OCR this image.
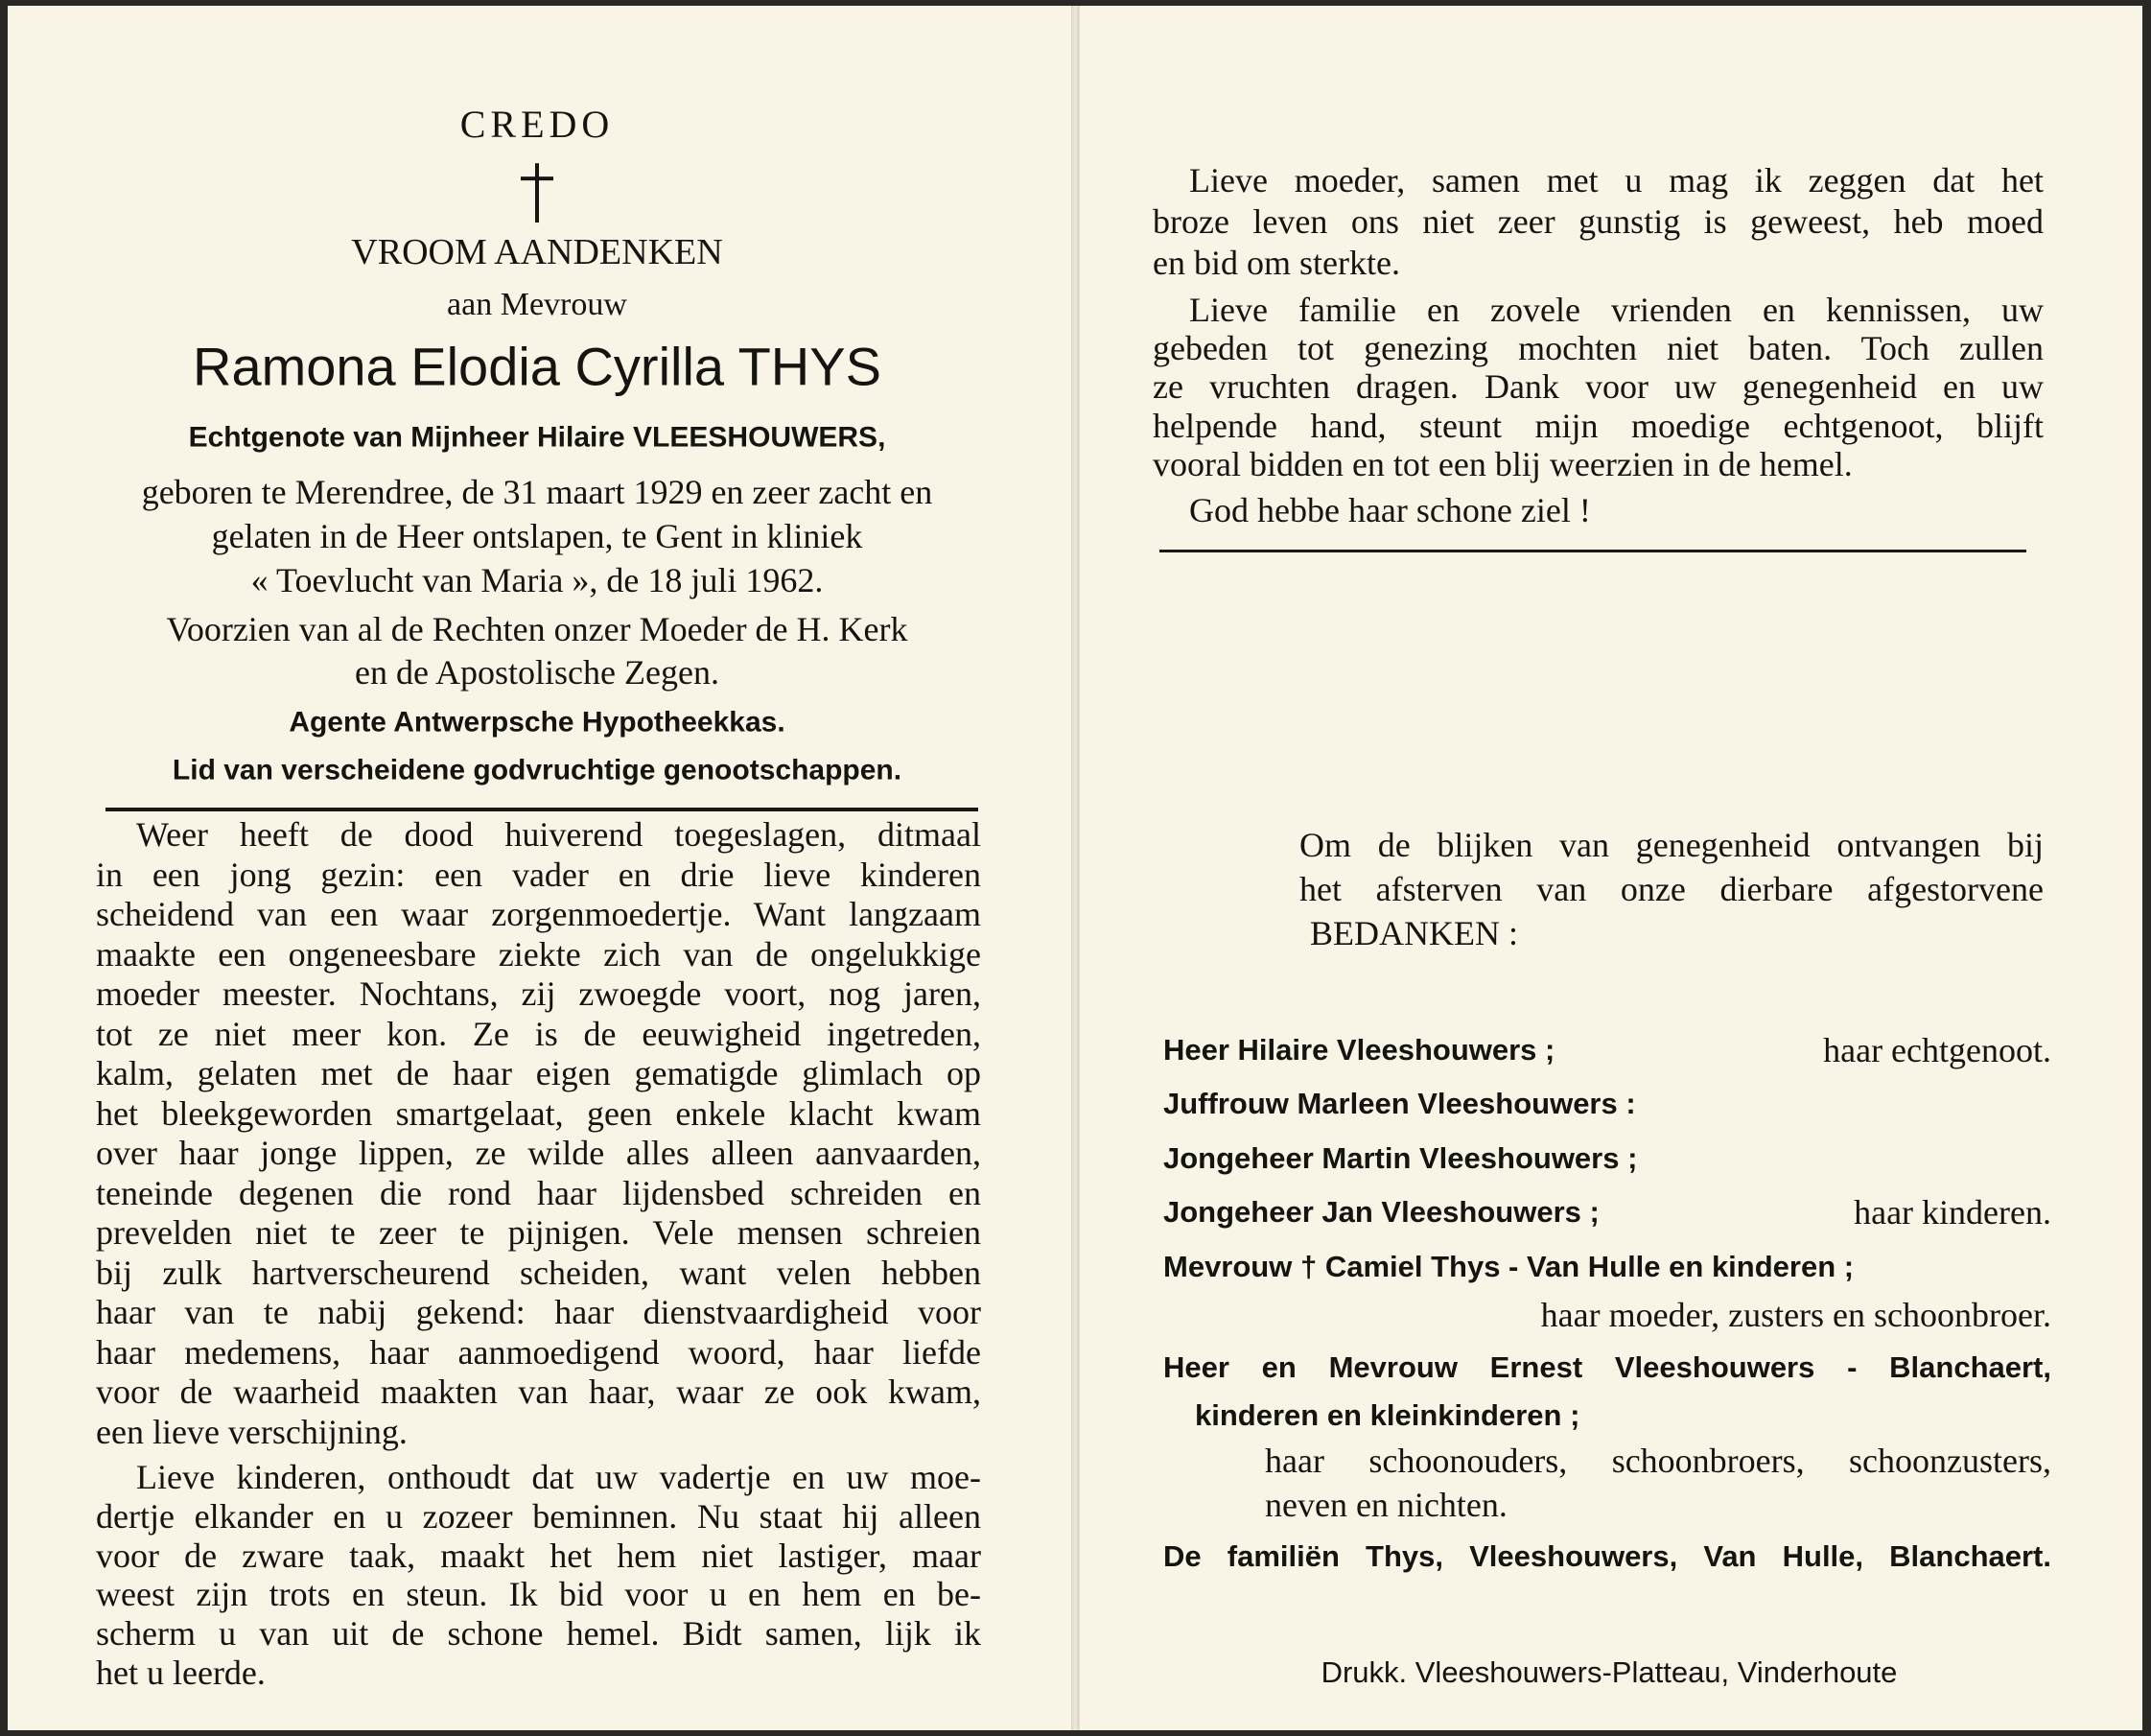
CREDO
VROOM AANDENKEN
aan Mevrouw
Ramona Elodia Cyrilla THYS
Echtgenote van Mijnheer Hilaire VLEESHOUWERS,
geboren te Merendree, de 31 maart 1929 en zeer zacht en
gelaten in de Heer ontslapen, te Gent in kliniek
« Toevlucht van Maria », de 18 juli 1962.
Voorzien van al de Rechten onzer Moeder de H. Kerk
en de Apostolische Zegen.
Agente Antwerpsche Hypotheekkas.
Lid van verscheidene godvruchtige genootschappen.
Weer heeft de dood huiverend toegeslagen, ditmaal
in een jong gezin: een vader en drie lieve kinderen
scheidend van een waar zorgenmoedertje. Want langzaam
maakte een ongeneesbare ziekte zich van de ongelukkige
moeder meester. Nochtans, zij zwoegde voort, nog jaren,
tot ze niet meer kon. Ze is de eeuwigheid ingetreden,
kalm, gelaten met de haar eigen gematigde glimlach op
het bleekgeworden smartgelaat, geen enkele klacht kwam
over haar jonge lippen, ze wilde alles alleen aanvaarden,
teneinde degenen die rond haar lijdensbed schreiden en
prevelden niet te zeer te pijnigen. Vele mensen schreien
bij zulk hartverscheurend scheiden, want velen hebben
haar van te nabij gekend: haar dienstvaardigheid voor
haar medemens, haar aanmoedigend woord, haar liefde
voor de waarheid maakten van haar, waar ze ook kwam,
een lieve verschijning.
Lieve kinderen, onthoudt dat uw vadertje en uw moe-
dertje elkander en u zozeer beminnen. Nu staat hij alleen
voor de zware taak, maakt het hem niet lastiger, maar
weest zijn trots en steun. Ik bid voor u en hem en be-
scherm u van uit de schone hemel. Bidt samen, lijk ik
het u leerde.
Lieve moeder, samen met u mag ik zeggen dat het
broze leven ons niet zeer gunstig is geweest, heb moed
en bid om sterkte.
Lieve familie en zovele vrienden en kennissen, uw
gebeden tot genezing mochten niet baten. Toch zullen
ze vruchten dragen. Dank voor uw genegenheid en uw
helpende hand, steunt mijn moedige echtgenoot, blijft
vooral bidden en tot een blij weerzien in de hemel.
God hebbe haar schone ziel !
Om de blijken van genegenheid ontvangen bij
het afsterven van onze dierbare afgestorvene
BEDANKEN :
Heer Hilaire Vleeshouwers ;	haar echtgenoot.
Juffrouw Marleen Vleeshouwers :
Jongeheer Martin Vleeshouwers ;
Jongeheer Jan Vleeshouwers ;	haar kinderen.
Mevrouw † Camiel Thys - Van Hulle en kinderen ;
haar moeder, zusters en schoonbroer.
Heer en Mevrouw Ernest Vleeshouwers - Blanchaert,
kinderen en kleinkinderen ;
haar schoonouders, schoonbroers, schoonzusters,
neven en nichten.
De familiën Thys, Vleeshouwers, Van Hulle, Blanchaert.
Drukk. Vleeshouwers-Platteau, Vinderhoute
